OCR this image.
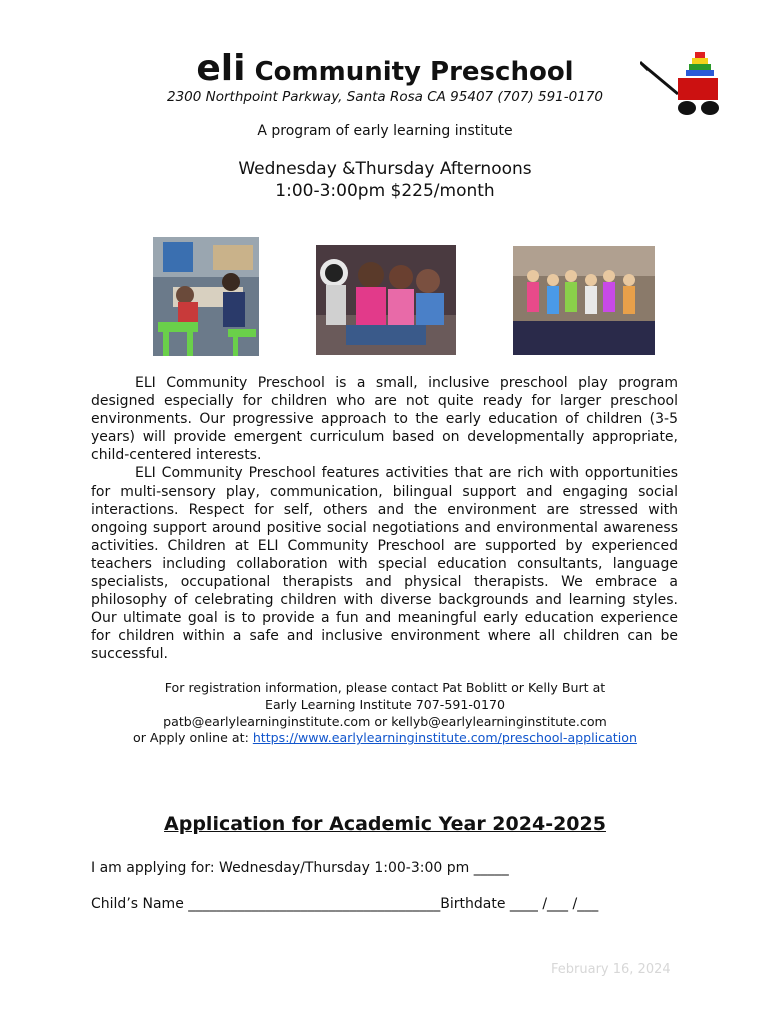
eli Community Preschool
2300 Northpoint Parkway, Santa Rosa CA 95407 (707) 591-0170
A program of early learning institute
Wednesday &Thursday Afternoons
1:00-3:00pm $225/month

ELI Community Preschool is a small, inclusive preschool play program designed especially for children who are not quite ready for larger preschool environments. Our progressive approach to the early education of children (3-5 years) will provide emergent curriculum based on developmentally appropriate, child-centered interests.

ELI Community Preschool features activities that are rich with opportunities for multi-sensory play, communication, bilingual support and engaging social interactions. Respect for self, others and the environment are stressed with ongoing support around positive social negotiations and environmental awareness activities. Children at ELI Community Preschool are supported by experienced teachers including collaboration with special education consultants, language specialists, occupational therapists and physical therapists. We embrace a philosophy of celebrating children with diverse backgrounds and learning styles. Our ultimate goal is to provide a fun and meaningful early education experience for children within a safe and inclusive environment where all children can be successful.

For registration information, please contact Pat Boblitt or Kelly Burt at
Early Learning Institute 707-591-0170
patb@earlylearninginstitute.com or kellyb@earlylearninginstitute.com
or Apply online at: https://www.earlylearninginstitute.com/preschool-application
Application for Academic Year 2024-2025
I am applying for: Wednesday/Thursday 1:00-3:00 pm _____
Child’s Name ____________________________________Birthdate ____ /___ /___
February 16, 2024
